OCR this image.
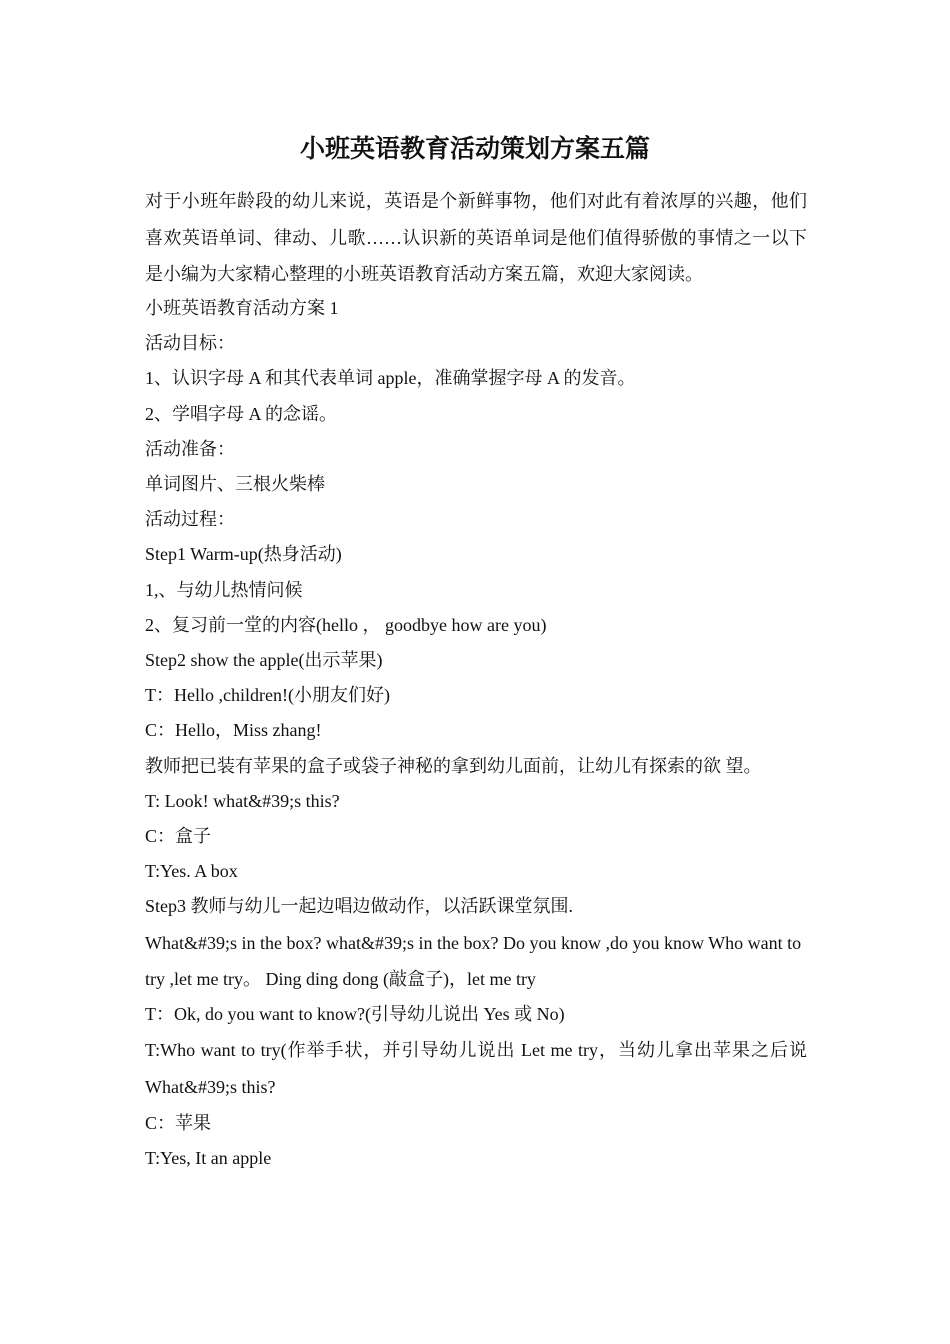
小班英语教育活动策划方案五篇

对于小班年龄段的幼儿来说，英语是个新鲜事物，他们对此有着浓厚的兴趣，他们喜欢英语单词、律动、儿歌……认识新的英语单词是他们值得骄傲的事情之一以下是小编为大家精心整理的小班英语教育活动方案五篇，欢迎大家阅读。

小班英语教育活动方案 1
活动目标：
1、认识字母 A 和其代表单词 apple，准确掌握字母 A 的发音。
2、学唱字母 A 的念谣。
活动准备：
单词图片、三根火柴棒
活动过程：
Step1 Warm-up(热身活动)
1,、与幼儿热情问候
2、复习前一堂的内容(hello ， goodbye how are you)
Step2 show the apple(出示苹果)
T：Hello ,children!(小朋友们好)
C：Hello，Miss zhang!
教师把已装有苹果的盒子或袋子神秘的拿到幼儿面前，让幼儿有探索的欲 望。
T: Look! what&#39;s this?
C：盒子
T:Yes. A box
Step3 教师与幼儿一起边唱边做动作，以活跃课堂氛围.
What&#39;s in the box? what&#39;s in the box? Do you know ,do you know Who want to
try ,let me try。 Ding ding dong (敲盒子)，let me try
T：Ok, do you want to know?(引导幼儿说出 Yes 或 No)
T:Who want to try(作举手状，并引导幼儿说出 Let me try，当幼儿拿出苹果之后说 What&#39;s this?
C：苹果
T:Yes, It an apple
